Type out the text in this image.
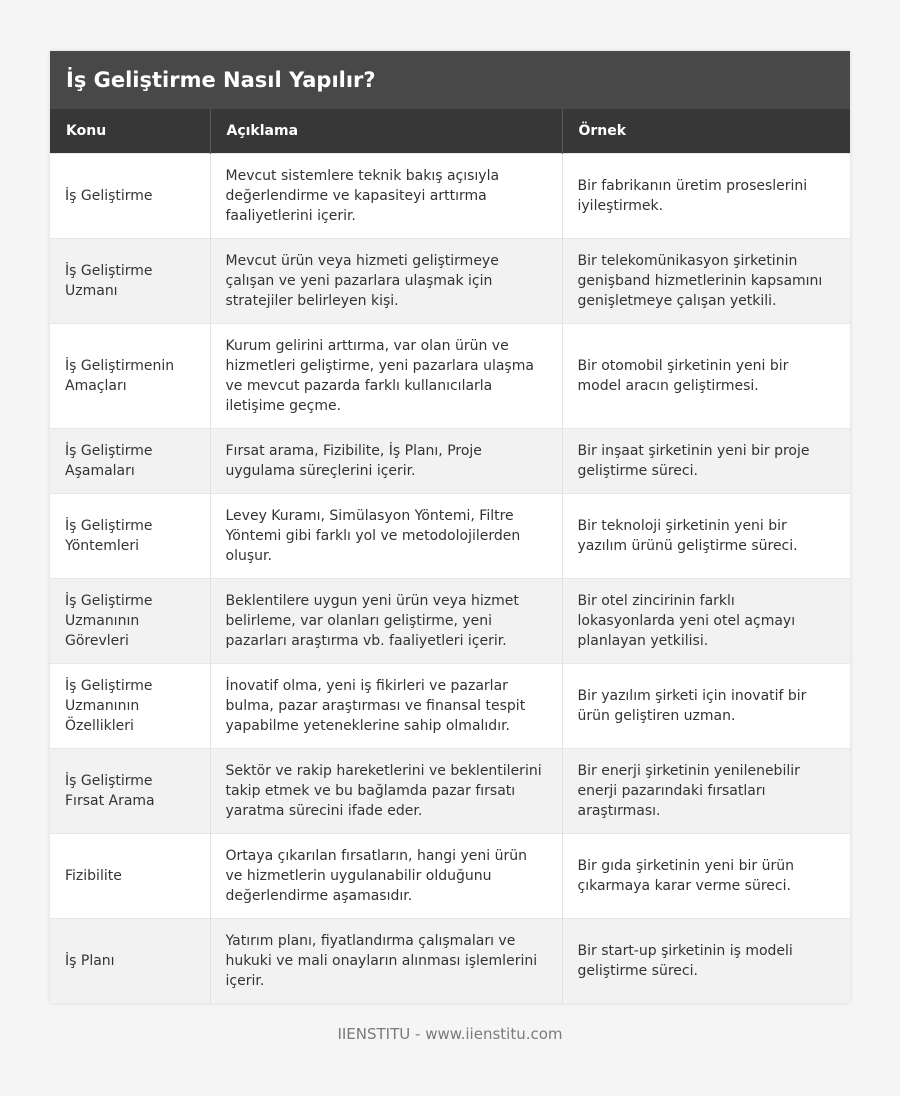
İş Geliştirme Nasıl Yapılır?
Konu	Açıklama	Örnek
İş Geliştirme	Mevcut sistemlere teknik bakış açısıyla değerlendirme ve kapasiteyi arttırma faaliyetlerini içerir.	Bir fabrikanın üretim proseslerini iyileştirmek.
İş Geliştirme Uzmanı	Mevcut ürün veya hizmeti geliştirmeye çalışan ve yeni pazarlara ulaşmak için stratejiler belirleyen kişi.	Bir telekomünikasyon şirketinin genişband hizmetlerinin kapsamını genişletmeye çalışan yetkili.
İş Geliştirmenin Amaçları	Kurum gelirini arttırma, var olan ürün ve hizmetleri geliştirme, yeni pazarlara ulaşma ve mevcut pazarda farklı kullanıcılarla iletişime geçme.	Bir otomobil şirketinin yeni bir model aracın geliştirmesi.
İş Geliştirme Aşamaları	Fırsat arama, Fizibilite, İş Planı, Proje uygulama süreçlerini içerir.	Bir inşaat şirketinin yeni bir proje geliştirme süreci.
İş Geliştirme Yöntemleri	Levey Kuramı, Simülasyon Yöntemi, Filtre Yöntemi gibi farklı yol ve metodolojilerden oluşur.	Bir teknoloji şirketinin yeni bir yazılım ürünü geliştirme süreci.
İş Geliştirme Uzmanının Görevleri	Beklentilere uygun yeni ürün veya hizmet belirleme, var olanları geliştirme, yeni pazarları araştırma vb. faaliyetleri içerir.	Bir otel zincirinin farklı lokasyonlarda yeni otel açmayı planlayan yetkilisi.
İş Geliştirme Uzmanının Özellikleri	İnovatif olma, yeni iş fikirleri ve pazarlar bulma, pazar araştırması ve finansal tespit yapabilme yeteneklerine sahip olmalıdır.	Bir yazılım şirketi için inovatif bir ürün geliştiren uzman.
İş Geliştirme Fırsat Arama	Sektör ve rakip hareketlerini ve beklentilerini takip etmek ve bu bağlamda pazar fırsatı yaratma sürecini ifade eder.	Bir enerji şirketinin yenilenebilir enerji pazarındaki fırsatları araştırması.
Fizibilite	Ortaya çıkarılan fırsatların, hangi yeni ürün ve hizmetlerin uygulanabilir olduğunu değerlendirme aşamasıdır.	Bir gıda şirketinin yeni bir ürün çıkarmaya karar verme süreci.
İş Planı	Yatırım planı, fiyatlandırma çalışmaları ve hukuki ve mali onayların alınması işlemlerini içerir.	Bir start-up şirketinin iş modeli geliştirme süreci.
IIENSTITU - www.iienstitu.com
